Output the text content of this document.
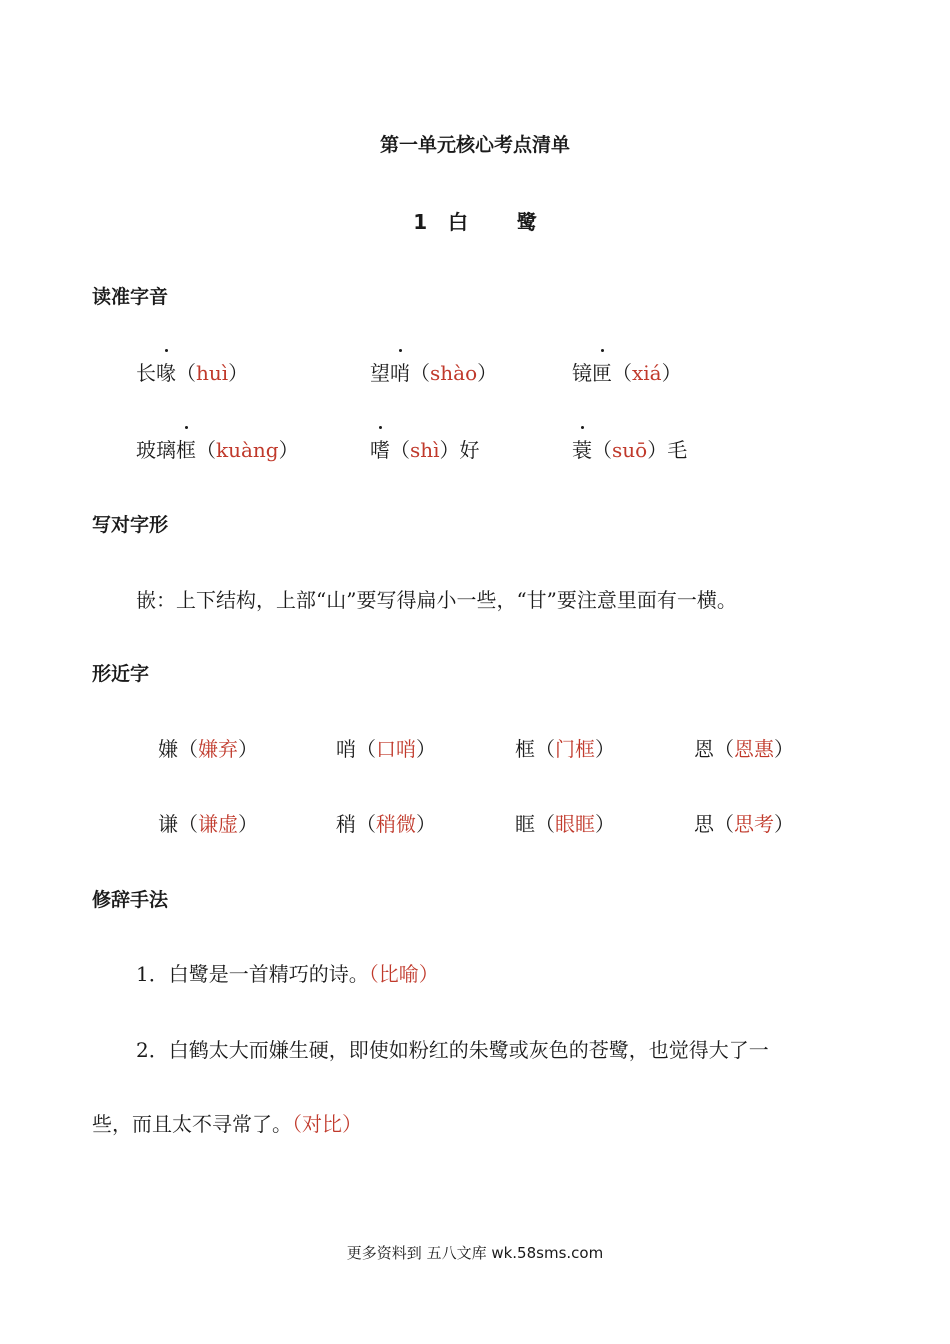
第一单元核心考点清单
1 白 鹭
读准字音
长喙（huì）	望哨（shào）	镜匣（xiá）
玻璃框（kuàng）	嗜（shì）好	蓑（suō）毛
写对字形
嵌：上下结构，上部“山”要写得扁小一些，“甘”要注意里面有一横。
形近字
嫌（嫌弃）	哨（口哨）	框（门框）	恩（恩惠）
谦（谦虚）	稍（稍微）	眶（眼眶）	思（思考）
修辞手法
1．白鹭是一首精巧的诗。（比喻）
2．白鹤太大而嫌生硬，即使如粉红的朱鹭或灰色的苍鹭，也觉得大了一
些，而且太不寻常了。（对比）
更多资料到 五八文库 wk.58sms.com
